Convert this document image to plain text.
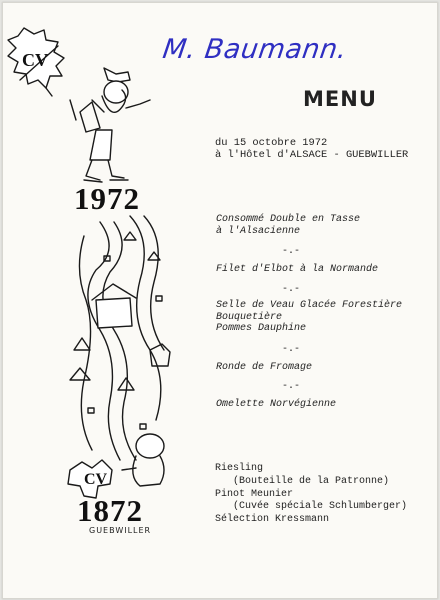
CV
CV
M. Baumann.
MENU
du 15 octobre 1972
à l'Hôtel d'ALSACE - GUEBWILLER
Consommé Double en Tasse
à l'Alsacienne
-.-
Filet d'Elbot à la Normande
-.-
Selle de Veau Glacée Forestière
Bouquetière
Pommes Dauphine
-.-
Ronde de Fromage
-.-
Omelette Norvégienne
Riesling
(Bouteille de la Patronne)
Pinot Meunier
(Cuvée spéciale Schlumberger)
Sélection Kressmann
1972
1872
GUEBWILLER
